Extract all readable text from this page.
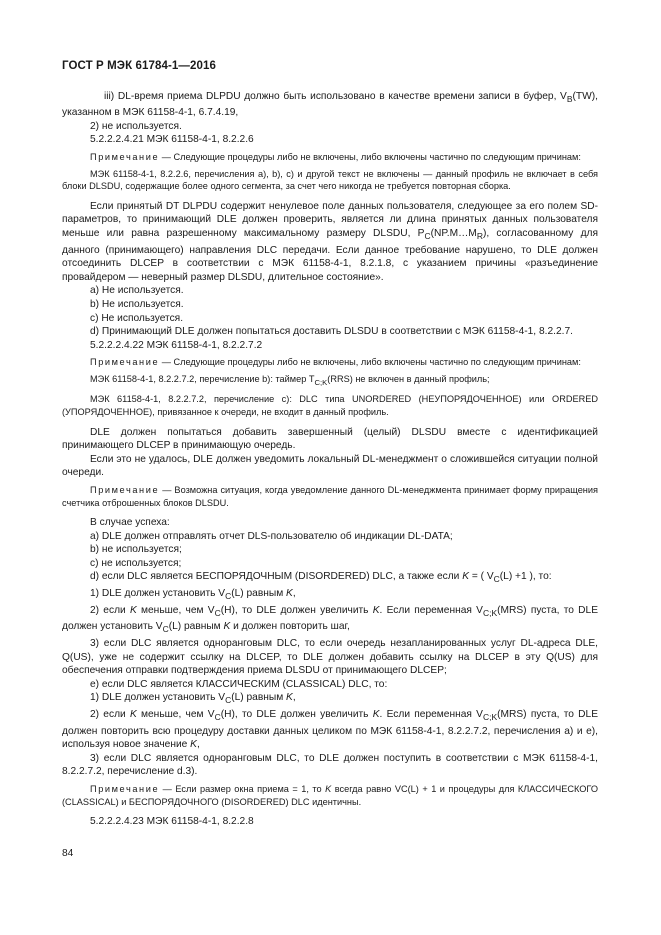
ГОСТ Р МЭК 61784-1—2016

iii) DL-время приема DLPDU должно быть использовано в качестве времени записи в буфер, $V_B(TW)$, указанном в МЭК 61158-4-1, 6.7.4.19,

2) не используется.

5.2.2.2.4.21 МЭК 61158-4-1, 8.2.2.6

Примечание — Следующие процедуры либо не включены, либо включены частично по следующим причинам:

МЭК 61158-4-1, 8.2.2.6, перечисления а), b), с) и другой текст не включены — данный профиль не включает в себя блоки DLSDU, содержащие более одного сегмента, за счет чего никогда не требуется повторная сборка.

Если принятый DT DLPDU содержит ненулевое поле данных пользователя, следующее за его полем SD-параметров, то принимающий DLE должен проверить, является ли длина принятых данных пользователя меньше или равна разрешенному максимальному размеру DLSDU, $P_C(NP.M\dots M_R)$, согласованному для данного (принимающего) направления DLC передачи. Если данное требование нарушено, то DLE должен отсоединить DLCEP в соответствии с МЭК 61158-4-1, 8.2.1.8, с указанием причины «разъединение провайдером — неверный размер DLSDU, длительное состояние».

a) Не используется.

b) Не используется.

c) Не используется.

d) Принимающий DLE должен попытаться доставить DLSDU в соответствии с МЭК 61158-4-1, 8.2.2.7.

5.2.2.2.4.22 МЭК 61158-4-1, 8.2.2.7.2

Примечание — Следующие процедуры либо не включены, либо включены частично по следующим причинам:

МЭК 61158-4-1, 8.2.2.7.2, перечисление b): таймер $T_{C;K}(RRS)$ не включен в данный профиль;

МЭК 61158-4-1, 8.2.2.7.2, перечисление с): DLC типа UNORDERED (НЕУПОРЯДОЧЕННОЕ) или ORDERED (УПОРЯДОЧЕННОЕ), привязанное к очереди, не входит в данный профиль.

DLE должен попытаться добавить завершенный (целый) DLSDU вместе с идентификацией принимающего DLCEP в принимающую очередь.

Если это не удалось, DLE должен уведомить локальный DL-менеджмент о сложившейся ситуации полной очереди.

Примечание — Возможна ситуация, когда уведомление данного DL-менеджмента принимает форму приращения счетчика отброшенных блоков DLSDU.

В случае успеха:

а) DLE должен отправлять отчет DLS-пользователю об индикации DL-DATA;

b) не используется;

с) не используется;

d) если DLC является БЕСПОРЯДОЧНЫМ (DISORDERED) DLC, а также если K = ( $V_C(L) +1$ ), то:

1) DLE должен установить $V_C(L)$ равным K,

2) если K меньше, чем $V_C(H)$, то DLE должен увеличить K. Если переменная $V_{C;K}(MRS)$ пуста, то DLE должен установить $V_C(L)$ равным K и должен повторить шаг,

3) если DLC является одноранговым DLC, то если очередь незапланированных услуг DL-адреса DLE, Q(US), уже не содержит ссылку на DLCEP, то DLE должен добавить ссылку на DLCEP в эту Q(US) для обеспечения отправки подтверждения приема DLSDU от принимающего DLCEP;

е) если DLC является КЛАССИЧЕСКИМ (CLASSICAL) DLC, то:

1) DLE должен установить $V_C(L)$ равным K,

2) если K меньше, чем $V_C(H)$, то DLE должен увеличить K. Если переменная $V_{C;K}(MRS)$ пуста, то DLE должен повторить всю процедуру доставки данных целиком по МЭК 61158-4-1, 8.2.2.7.2, перечисления а) и е), используя новое значение K,

3) если DLC является одноранговым DLC, то DLE должен поступить в соответствии с МЭК 61158-4-1, 8.2.2.7.2, перечисление d.3).

Примечание — Если размер окна приема = 1, то K всегда равно VC(L) + 1 и процедуры для КЛАССИЧЕСКОГО (CLASSICAL) и БЕСПОРЯДОЧНОГО (DISORDERED) DLC идентичны.

5.2.2.2.4.23 МЭК 61158-4-1, 8.2.2.8

84
